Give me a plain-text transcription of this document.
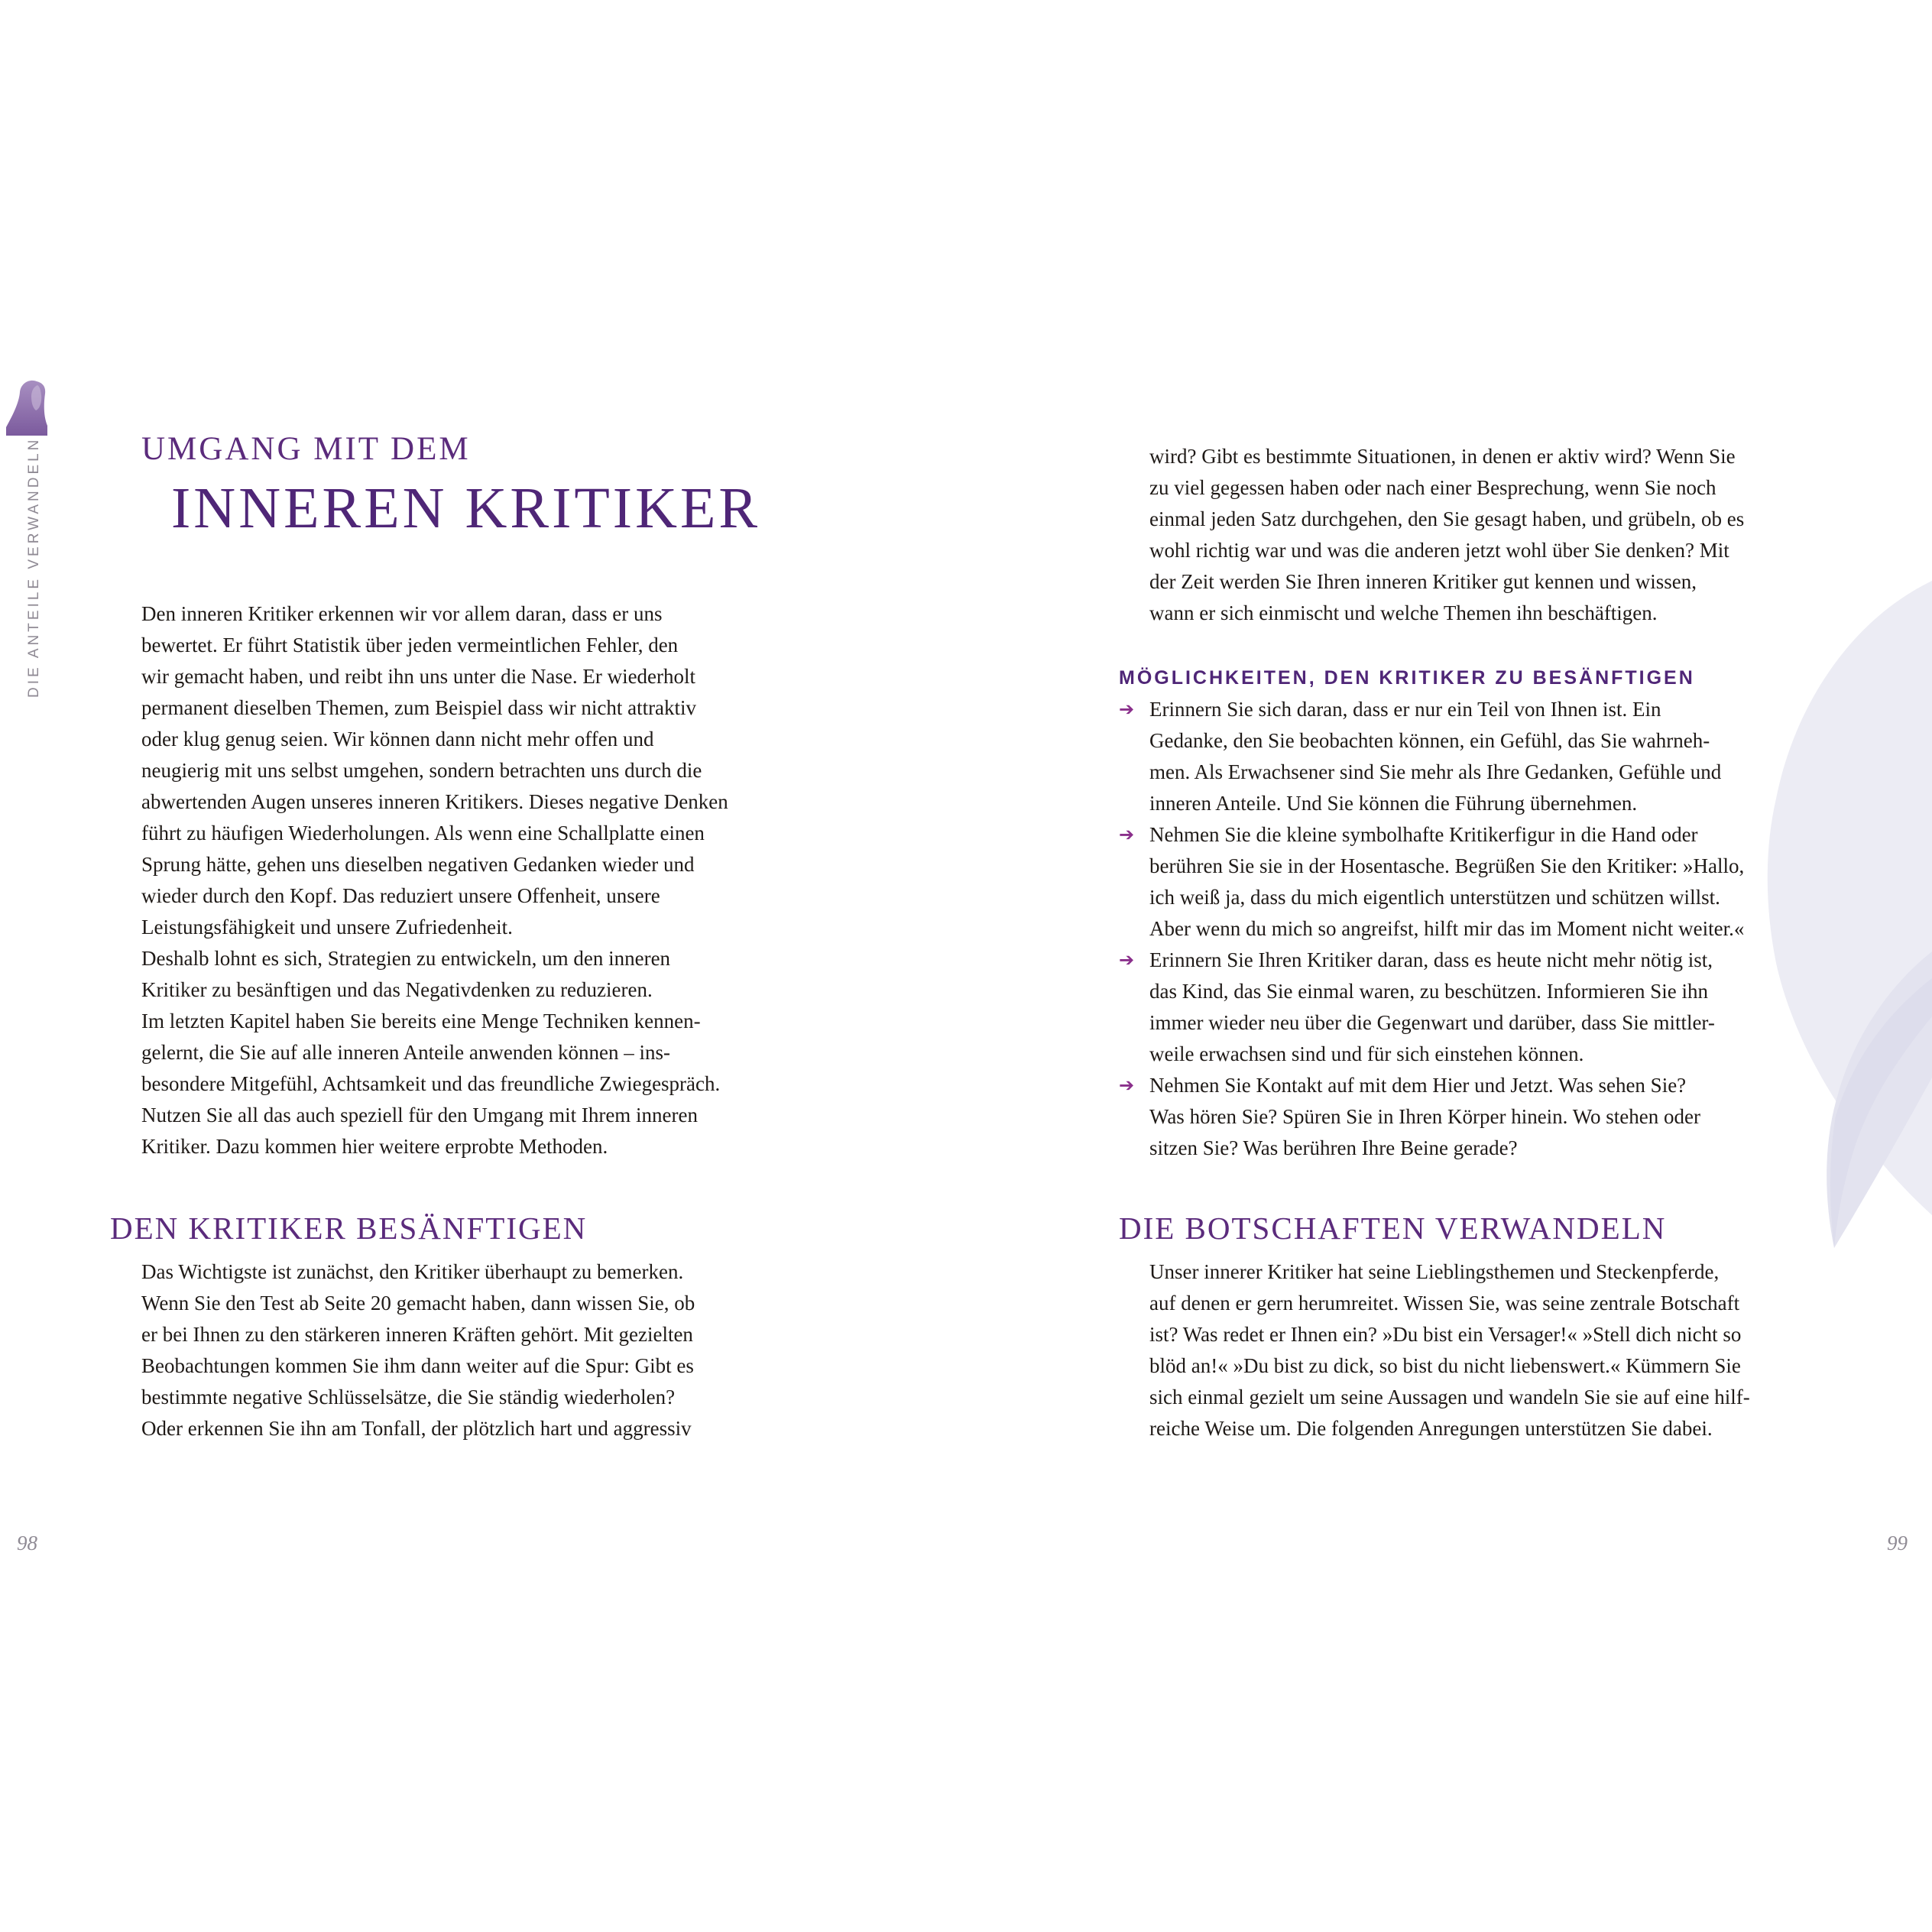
DIE ANTEILE VERWANDELN	UMGANG MIT DEM
INNEREN KRITIKER
Den inneren Kritiker erkennen wir vor allem daran, dass er uns
bewertet. Er führt Statistik über jeden vermeintlichen Fehler, den
wir gemacht haben, und reibt ihn uns unter die Nase. Er wiederholt
permanent dieselben Themen, zum Beispiel dass wir nicht attraktiv
oder klug genug seien. Wir können dann nicht mehr offen und
neugierig mit uns selbst umgehen, sondern betrachten uns durch die
abwertenden Augen unseres inneren Kritikers. Dieses negative Denken
führt zu häufigen Wiederholungen. Als wenn eine Schallplatte einen
Sprung hätte, gehen uns dieselben negativen Gedanken wieder und
wieder durch den Kopf. Das reduziert unsere Offenheit, unsere
Leistungsfähigkeit und unsere Zufriedenheit.
Deshalb lohnt es sich, Strategien zu entwickeln, um den inneren
Kritiker zu besänftigen und das Negativdenken zu reduzieren.
Im letzten Kapitel haben Sie bereits eine Menge Techniken kennen-
gelernt, die Sie auf alle inneren Anteile anwenden können – ins-
besondere Mitgefühl, Achtsamkeit und das freundliche Zwiegespräch.
Nutzen Sie all das auch speziell für den Umgang mit Ihrem inneren
Kritiker. Dazu kommen hier weitere erprobte Methoden.
DEN KRITIKER BESÄNFTIGEN
Das Wichtigste ist zunächst, den Kritiker überhaupt zu bemerken.
Wenn Sie den Test ab Seite 20 gemacht haben, dann wissen Sie, ob
er bei Ihnen zu den stärkeren inneren Kräften gehört. Mit gezielten
Beobachtungen kommen Sie ihm dann weiter auf die Spur: Gibt es
bestimmte negative Schlüsselsätze, die Sie ständig wiederholen?
Oder erkennen Sie ihn am Tonfall, der plötzlich hart und aggressiv
98
wird? Gibt es bestimmte Situationen, in denen er aktiv wird? Wenn Sie
zu viel gegessen haben oder nach einer Besprechung, wenn Sie noch
einmal jeden Satz durchgehen, den Sie gesagt haben, und grübeln, ob es
wohl richtig war und was die anderen jetzt wohl über Sie denken? Mit
der Zeit werden Sie Ihren inneren Kritiker gut kennen und wissen,
wann er sich einmischt und welche Themen ihn beschäftigen.
MÖGLICHKEITEN, DEN KRITIKER ZU BESÄNFTIGEN
➔ Erinnern Sie sich daran, dass er nur ein Teil von Ihnen ist. Ein
Gedanke, den Sie beobachten können, ein Gefühl, das Sie wahrneh-
men. Als Erwachsener sind Sie mehr als Ihre Gedanken, Gefühle und
inneren Anteile. Und Sie können die Führung übernehmen.
➔ Nehmen Sie die kleine symbolhafte Kritikerfigur in die Hand oder
berühren Sie sie in der Hosentasche. Begrüßen Sie den Kritiker: »Hallo,
ich weiß ja, dass du mich eigentlich unterstützen und schützen willst.
Aber wenn du mich so angreifst, hilft mir das im Moment nicht weiter.«
➔ Erinnern Sie Ihren Kritiker daran, dass es heute nicht mehr nötig ist,
das Kind, das Sie einmal waren, zu beschützen. Informieren Sie ihn
immer wieder neu über die Gegenwart und darüber, dass Sie mittler-
weile erwachsen sind und für sich einstehen können.
➔ Nehmen Sie Kontakt auf mit dem Hier und Jetzt. Was sehen Sie?
Was hören Sie? Spüren Sie in Ihren Körper hinein. Wo stehen oder
sitzen Sie? Was berühren Ihre Beine gerade?
DIE BOTSCHAFTEN VERWANDELN
Unser innerer Kritiker hat seine Lieblingsthemen und Steckenpferde,
auf denen er gern herumreitet. Wissen Sie, was seine zentrale Botschaft
ist? Was redet er Ihnen ein? »Du bist ein Versager!« »Stell dich nicht so
blöd an!« »Du bist zu dick, so bist du nicht liebenswert.« Kümmern Sie
sich einmal gezielt um seine Aussagen und wandeln Sie sie auf eine hilf-
reiche Weise um. Die folgenden Anregungen unterstützen Sie dabei.
99
